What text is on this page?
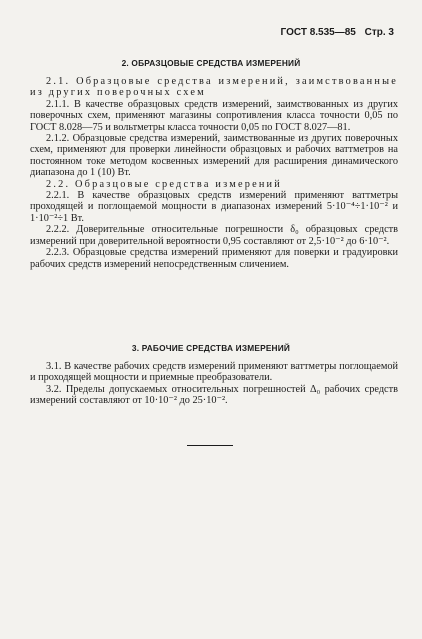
ГОСТ 8.535—85 Стр. 3
2. ОБРАЗЦОВЫЕ СРЕДСТВА ИЗМЕРЕНИЙ

2.1. Образцовые средства измерений, заимствованные из других поверочных схем

2.1.1. В качестве образцовых средств измерений, заимствованных из других поверочных схем, применяют магазины сопротивления класса точности 0,05 по ГОСТ 8.028—75 и вольтметры класса точности 0,05 по ГОСТ 8.027—81.

2.1.2. Образцовые средства измерений, заимствованные из других поверочных схем, применяют для проверки линейности образцовых и рабочих ваттметров на постоянном токе методом косвенных измерений для расширения динамического диапазона до 1 (10) Вт.

2.2. Образцовые средства измерений

2.2.1. В качестве образцовых средств измерений применяют ваттметры проходящей и поглощаемой мощности в диапазонах измерений 5·10⁻⁴÷1·10⁻² и 1·10⁻²÷1 Вт.

2.2.2. Доверительные относительные погрешности δ₀ образцовых средств измерений при доверительной вероятности 0,95 составляют от 2,5·10⁻² до 6·10⁻².

2.2.3. Образцовые средства измерений применяют для поверки и градуировки рабочих средств измерений непосредственным сличением.

3. РАБОЧИЕ СРЕДСТВА ИЗМЕРЕНИЙ

3.1. В качестве рабочих средств измерений применяют ваттметры поглощаемой и проходящей мощности и приемные преобразователи.

3.2. Пределы допускаемых относительных погрешностей Δ₀ рабочих средств измерений составляют от 10·10⁻² до 25·10⁻².
